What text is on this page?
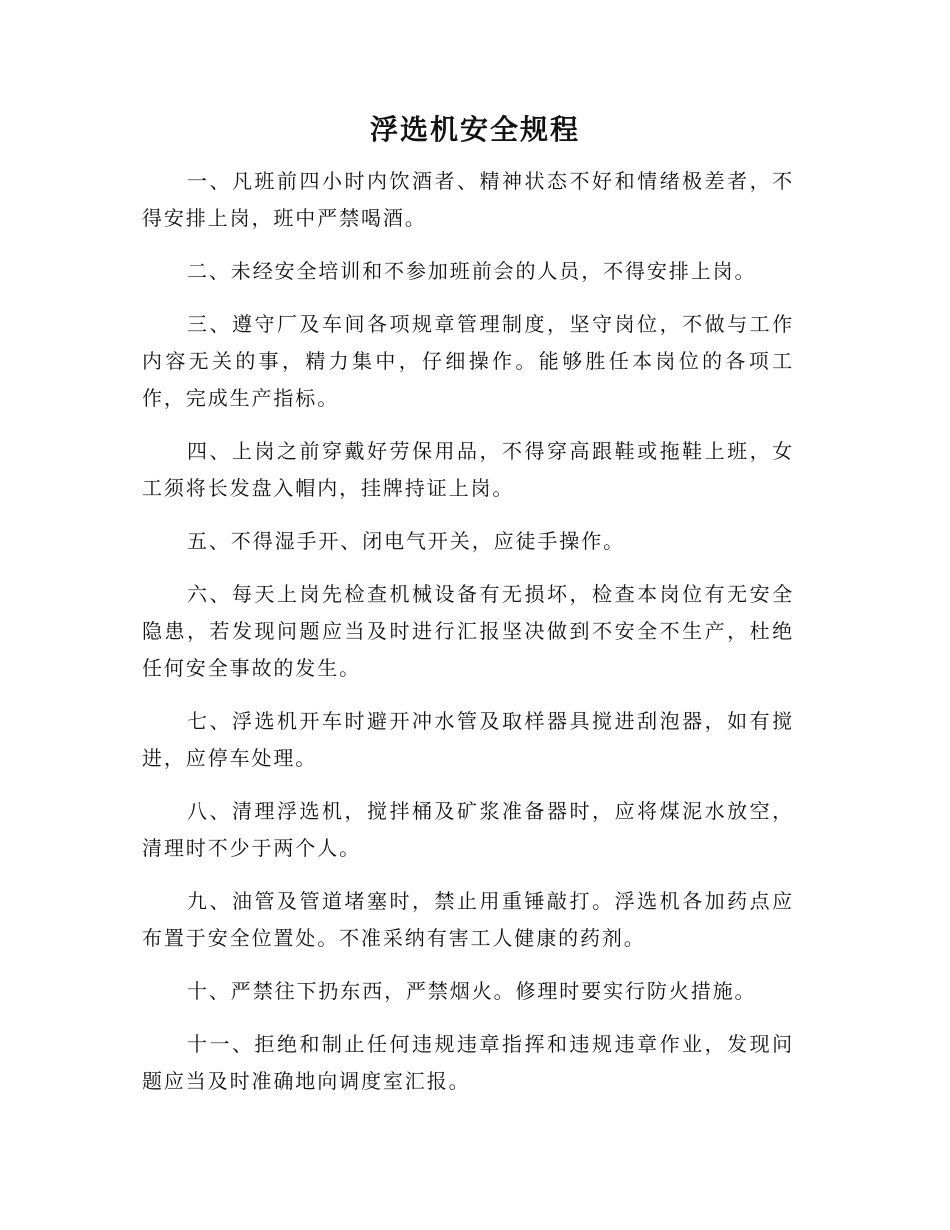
浮选机安全规程

一、凡班前四小时内饮酒者、精神状态不好和情绪极差者，不得安排上岗，班中严禁喝酒。

二、未经安全培训和不参加班前会的人员，不得安排上岗。

三、遵守厂及车间各项规章管理制度，坚守岗位，不做与工作内容无关的事，精力集中，仔细操作。能够胜任本岗位的各项工作，完成生产指标。

四、上岗之前穿戴好劳保用品，不得穿高跟鞋或拖鞋上班，女工须将长发盘入帽内，挂牌持证上岗。

五、不得湿手开、闭电气开关，应徒手操作。

六、每天上岗先检查机械设备有无损坏，检查本岗位有无安全隐患，若发现问题应当及时进行汇报坚决做到不安全不生产，杜绝任何安全事故的发生。

七、浮选机开车时避开冲水管及取样器具搅进刮泡器，如有搅进，应停车处理。

八、清理浮选机，搅拌桶及矿浆准备器时，应将煤泥水放空，清理时不少于两个人。

九、油管及管道堵塞时，禁止用重锤敲打。浮选机各加药点应布置于安全位置处。不准采纳有害工人健康的药剂。

十、严禁往下扔东西，严禁烟火。修理时要实行防火措施。

十一、拒绝和制止任何违规违章指挥和违规违章作业，发现问题应当及时准确地向调度室汇报。
